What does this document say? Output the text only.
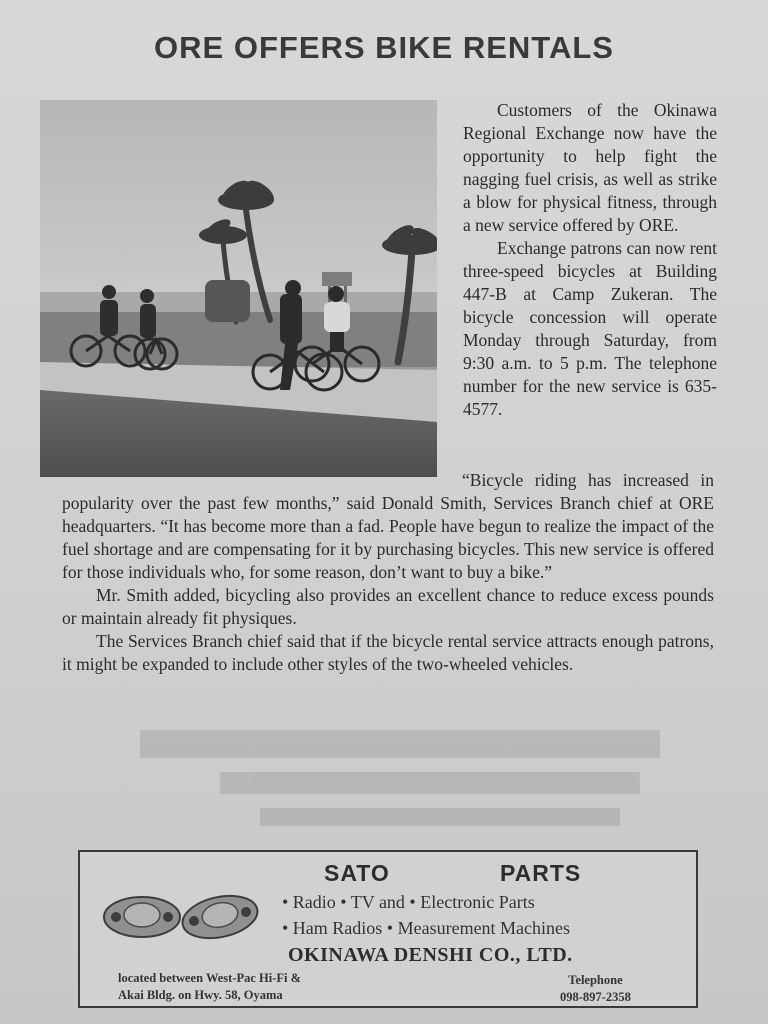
ORE OFFERS BIKE RENTALS

Customers of the Okinawa Regional Exchange now have the opportunity to help fight the nagging fuel crisis, as well as strike a blow for physical fitness, through a new service offered by ORE.

Exchange patrons can now rent three-speed bicycles at Building 447-B at Camp Zukeran. The bicycle concession will operate Monday through Saturday, from 9:30 a.m. to 5 p.m. The telephone number for the new service is 635-4577.

“Bicycle riding has increased in popularity over the past few months,” said Donald Smith, Services Branch chief at ORE headquarters. “It has become more than a fad. People have begun to realize the impact of the fuel shortage and are compensating for it by purchasing bicycles. This new service is offered for those individuals who, for some reason, don’t want to buy a bike.”

Mr. Smith added, bicycling also provides an excellent chance to reduce excess pounds or maintain already fit physiques.

The Services Branch chief said that if the bicycle rental service attracts enough patrons, it might be expanded to include other styles of the two-wheeled vehicles.

SATO	PARTS
• Radio • TV and • Electronic Parts
• Ham Radios • Measurement Machines
OKINAWA DENSHI CO., LTD.
located between West-Pac Hi-Fi &
Akai Bldg. on Hwy. 58, Oyama
Telephone
098-897-2358
